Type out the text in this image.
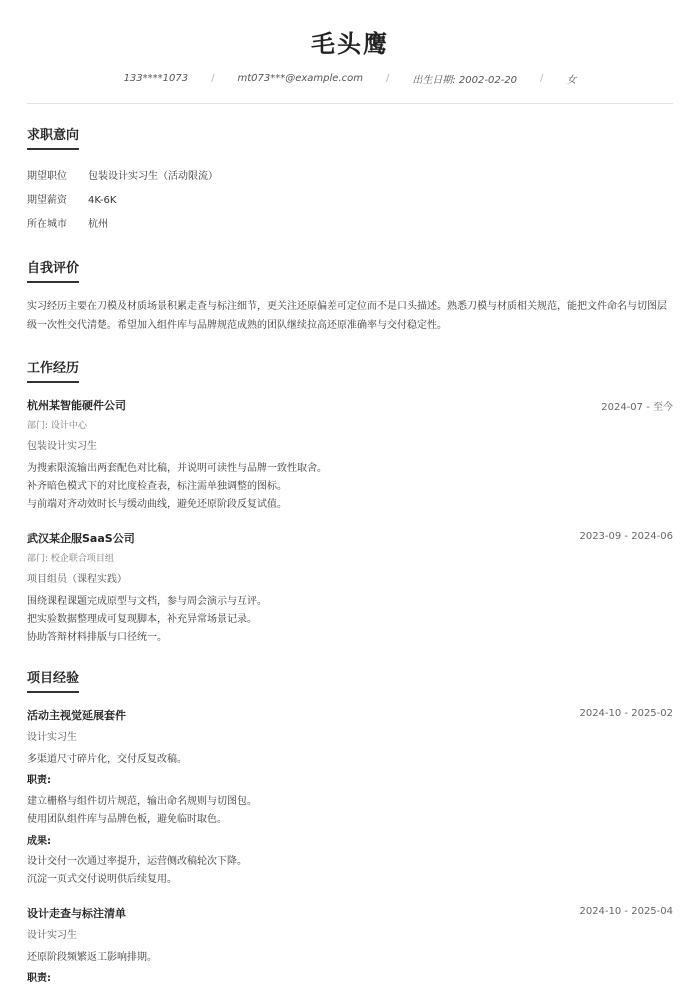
毛头鹰
133****1073	/	mt073***@example.com	/	出生日期: 2002-02-20	/	女
求职意向
期望职位 包装设计实习生（活动限流）
期望薪资 4K-6K
所在城市 杭州
自我评价
实习经历主要在刀模及材质场景积累走查与标注细节，更关注还原偏差可定位而不是口头描述。熟悉刀模与材质相关规范，能把文件命名与切图层级一次性交代清楚。希望加入组件库与品牌规范成熟的团队继续拉高还原准确率与交付稳定性。
工作经历
杭州某智能硬件公司	2024-07 - 至今
部门: 设计中心
包装设计实习生
为搜索限流输出两套配色对比稿，并说明可读性与品牌一致性取舍。
补齐暗色模式下的对比度检查表，标注需单独调整的图标。
与前端对齐动效时长与缓动曲线，避免还原阶段反复试值。
武汉某企服SaaS公司	2023-09 - 2024-06
部门: 校企联合项目组
项目组员（课程实践）
围绕课程课题完成原型与文档，参与周会演示与互评。
把实验数据整理成可复现脚本，补充异常场景记录。
协助答辩材料排版与口径统一。
项目经验
活动主视觉延展套件	2024-10 - 2025-02
设计实习生
多渠道尺寸碎片化，交付反复改稿。
职责:
建立栅格与组件切片规范，输出命名规则与切图包。
使用团队组件库与品牌色板，避免临时取色。
成果:
设计交付一次通过率提升，运营侧改稿轮次下降。
沉淀一页式交付说明供后续复用。
设计走查与标注清单	2024-10 - 2025-04
设计实习生
还原阶段频繁返工影响排期。
职责:
